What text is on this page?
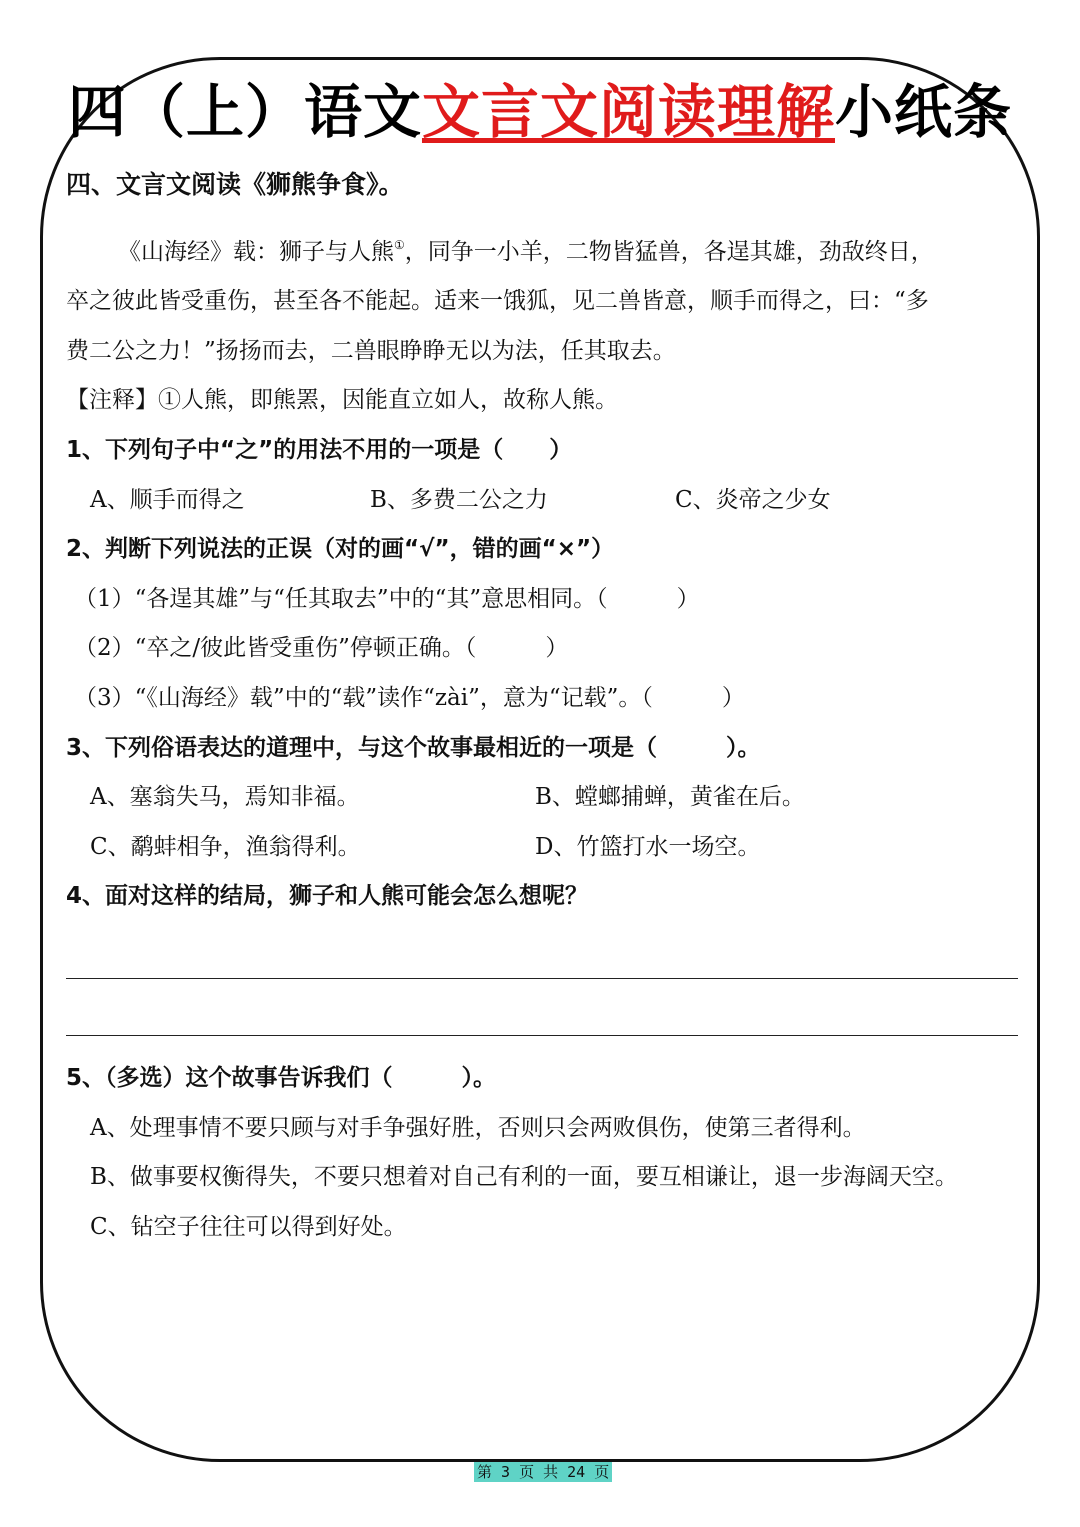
四（上）语文文言文阅读理解小纸条
四、文言文阅读《狮熊争食》。
《山海经》载：狮子与人熊①，同争一小羊，二物皆猛兽，各逞其雄，劲敌终日，
卒之彼此皆受重伤，甚至各不能起。适来一饿狐，见二兽皆意，顺手而得之，曰：“多
费二公之力！”扬扬而去，二兽眼睁睁无以为法，任其取去。
【注释】①人熊，即熊罴，因能直立如人，故称人熊。
1、下列句子中“之”的用法不用的一项是（　　）
A、顺手而得之	B、多费二公之力	C、炎帝之少女
2、判断下列说法的正误（对的画“√”，错的画“×”）
（1）“各逞其雄”与“任其取去”中的“其”意思相同。（　　　）
（2）“卒之/彼此皆受重伤”停顿正确。（　　　）
（3）“《山海经》载”中的“载”读作“zài”，意为“记载”。（　　　）
3、下列俗语表达的道理中，与这个故事最相近的一项是（　　　）。
A、塞翁失马，焉知非福。	B、螳螂捕蝉，黄雀在后。
C、鹬蚌相争，渔翁得利。	D、竹篮打水一场空。
4、面对这样的结局，狮子和人熊可能会怎么想呢？
5、（多选）这个故事告诉我们（　　　）。
A、处理事情不要只顾与对手争强好胜，否则只会两败俱伤，使第三者得利。
B、做事要权衡得失，不要只想着对自己有利的一面，要互相谦让，退一步海阔天空。
C、钻空子往往可以得到好处。
第 3 页 共 24 页
